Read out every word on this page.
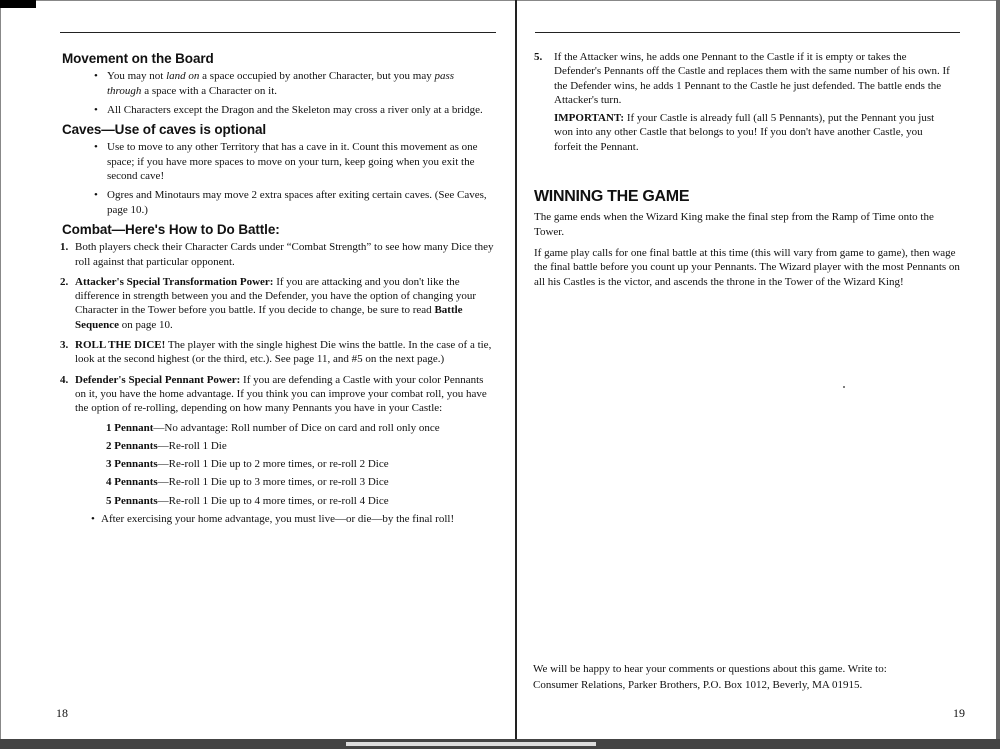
Movement on the Board
• You may not land on a space occupied by another Character, but you may pass through a space with a Character on it.
• All Characters except the Dragon and the Skeleton may cross a river only at a bridge.
Caves—Use of caves is optional
• Use to move to any other Territory that has a cave in it. Count this movement as one space; if you have more spaces to move on your turn, keep going when you exit the second cave!
• Ogres and Minotaurs may move 2 extra spaces after exiting certain caves. (See Caves, page 10.)
Combat—Here's How to Do Battle:
1. Both players check their Character Cards under “Combat Strength” to see how many Dice they roll against that particular opponent.
2. Attacker's Special Transformation Power: If you are attacking and you don't like the difference in strength between you and the Defender, you have the option of changing your Character in the Tower before you battle. If you decide to change, be sure to read Battle Sequence on page 10.
3. ROLL THE DICE! The player with the single highest Die wins the battle. In the case of a tie, look at the second highest (or the third, etc.). See page 11, and #5 on the next page.)
4. Defender's Special Pennant Power: If you are defending a Castle with your color Pennants on it, you have the home advantage. If you think you can improve your combat roll, you have the option of re-rolling, depending on how many Pennants you have in your Castle:
1 Pennant—No advantage: Roll number of Dice on card and roll only once
2 Pennants—Re-roll 1 Die
3 Pennants—Re-roll 1 Die up to 2 more times, or re-roll 2 Dice
4 Pennants—Re-roll 1 Die up to 3 more times, or re-roll 3 Dice
5 Pennants—Re-roll 1 Die up to 4 more times, or re-roll 4 Dice
• After exercising your home advantage, you must live—or die—by the final roll!
18
5. If the Attacker wins, he adds one Pennant to the Castle if it is empty or takes the Defender's Pennants off the Castle and replaces them with the same number of his own. If the Defender wins, he adds 1 Pennant to the Castle he just defended. The battle ends the Attacker's turn.
IMPORTANT: If your Castle is already full (all 5 Pennants), put the Pennant you just won into any other Castle that belongs to you! If you don't have another Castle, you forfeit the Pennant.
WINNING THE GAME

The game ends when the Wizard King make the final step from the Ramp of Time onto the Tower.

If game play calls for one final battle at this time (this will vary from game to game), then wage the final battle before you count up your Pennants. The Wizard player with the most Pennants on all his Castles is the victor, and ascends the throne in the Tower of the Wizard King!

We will be happy to hear your comments or questions about this game. Write to:
Consumer Relations, Parker Brothers, P.O. Box 1012, Beverly, MA 01915.
19
